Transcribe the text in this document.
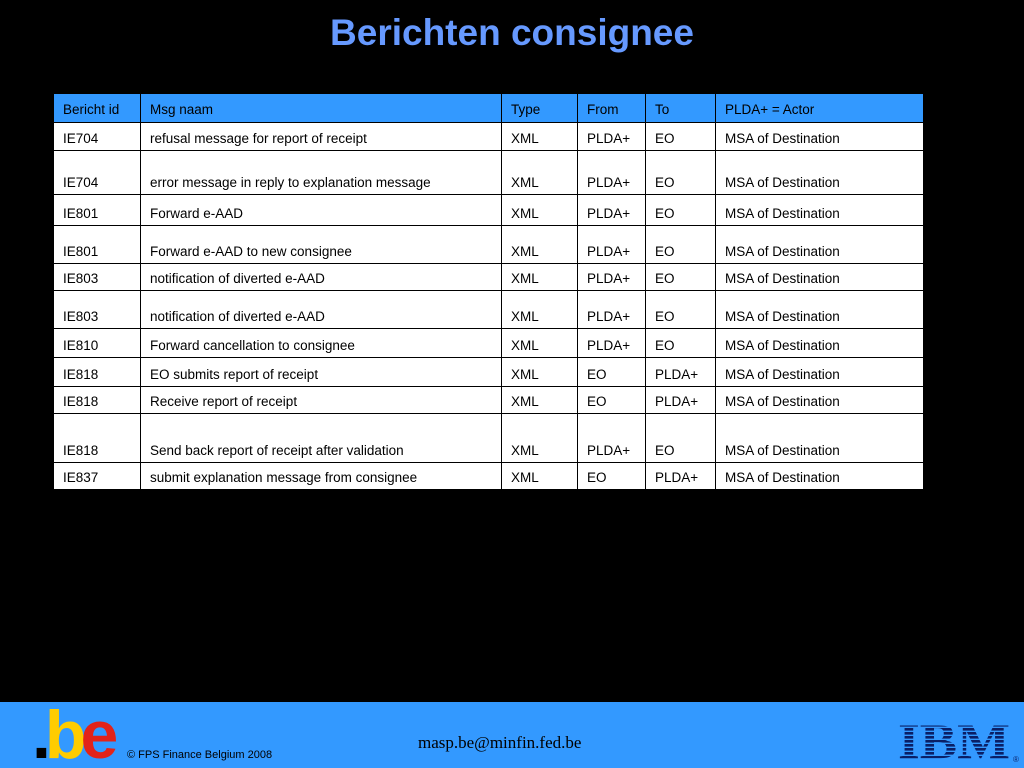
Berichten consignee
Bericht id	Msg naam	Type	From	To	PLDA+ = Actor
IE704	refusal message for report of receipt	XML	PLDA+	EO	MSA of Destination
IE704	error message in reply to explanation message	XML	PLDA+	EO	MSA of Destination
IE801	Forward e-AAD	XML	PLDA+	EO	MSA of Destination
IE801	Forward e-AAD to new consignee	XML	PLDA+	EO	MSA of Destination
IE803	notification of diverted e-AAD	XML	PLDA+	EO	MSA of Destination
IE803	notification of diverted e-AAD	XML	PLDA+	EO	MSA of Destination
IE810	Forward cancellation to consignee	XML	PLDA+	EO	MSA of Destination
IE818	EO submits report of receipt	XML	EO	PLDA+	MSA of Destination
IE818	Receive report of receipt	XML	EO	PLDA+	MSA of Destination
IE818	Send back report of receipt after validation	XML	PLDA+	EO	MSA of Destination
IE837	submit explanation message from consignee	XML	EO	PLDA+	MSA of Destination
.be	© FPS Finance Belgium 2008
masp.be@minfin.fed.be	IBM ®
